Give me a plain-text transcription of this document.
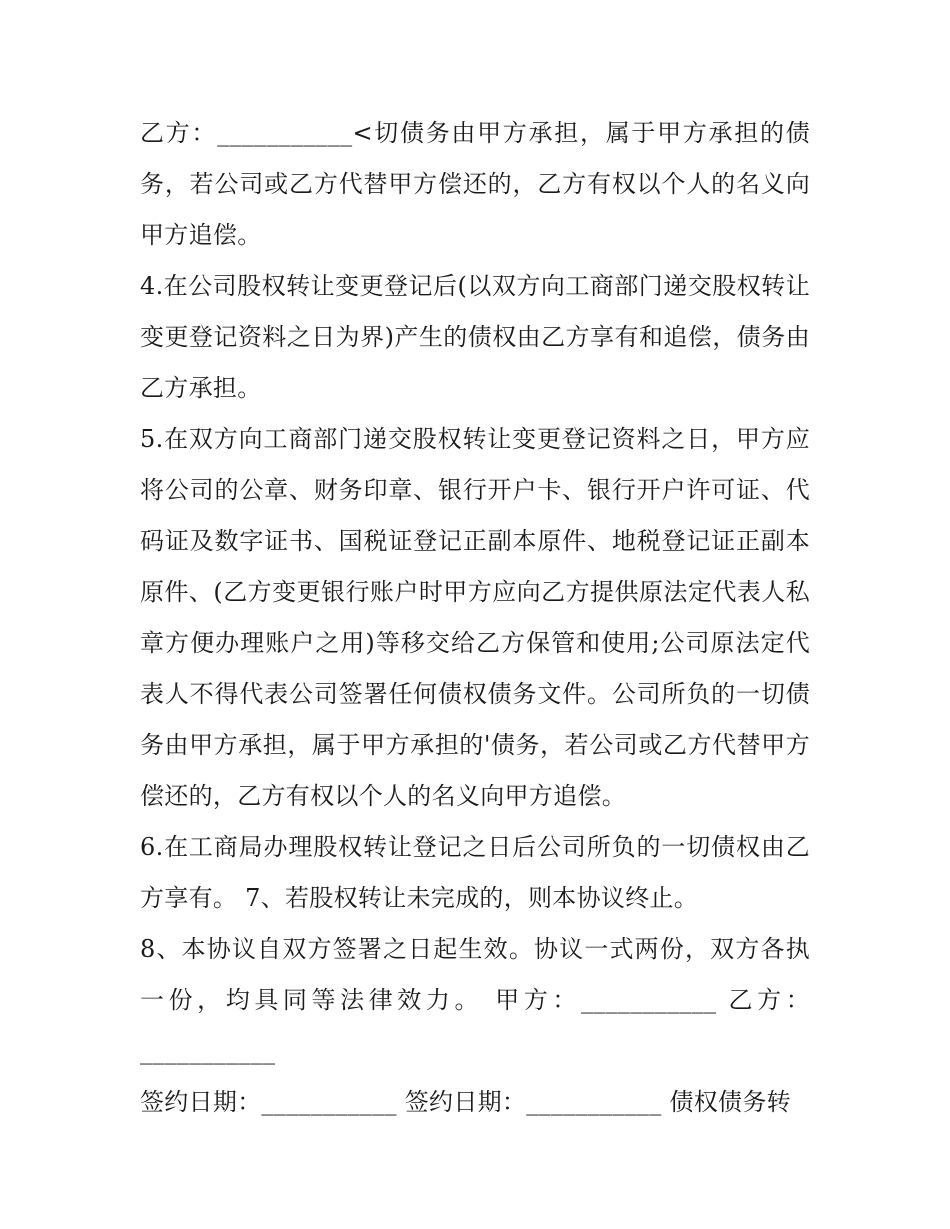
乙方：___________<切债务由甲方承担，属于甲方承担的债务，若公司或乙方代替甲方偿还的，乙方有权以个人的名义向甲方追偿。

4.在公司股权转让变更登记后(以双方向工商部门递交股权转让变更登记资料之日为界)产生的债权由乙方享有和追偿，债务由乙方承担。

5.在双方向工商部门递交股权转让变更登记资料之日，甲方应将公司的公章、财务印章、银行开户卡、银行开户许可证、代码证及数字证书、国税证登记正副本原件、地税登记证正副本原件、(乙方变更银行账户时甲方应向乙方提供原法定代表人私章方便办理账户之用)等移交给乙方保管和使用;公司原法定代表人不得代表公司签署任何债权债务文件。公司所负的一切债务由甲方承担，属于甲方承担的'债务，若公司或乙方代替甲方偿还的，乙方有权以个人的名义向甲方追偿。

6.在工商局办理股权转让登记之日后公司所负的一切债权由乙方享有。 7、若股权转让未完成的，则本协议终止。

8、本协议自双方签署之日起生效。协议一式两份，双方各执一份，均具同等法律效力。 甲方：___________ 乙方：___________

签约日期：___________ 签约日期：___________ 债权债务转
